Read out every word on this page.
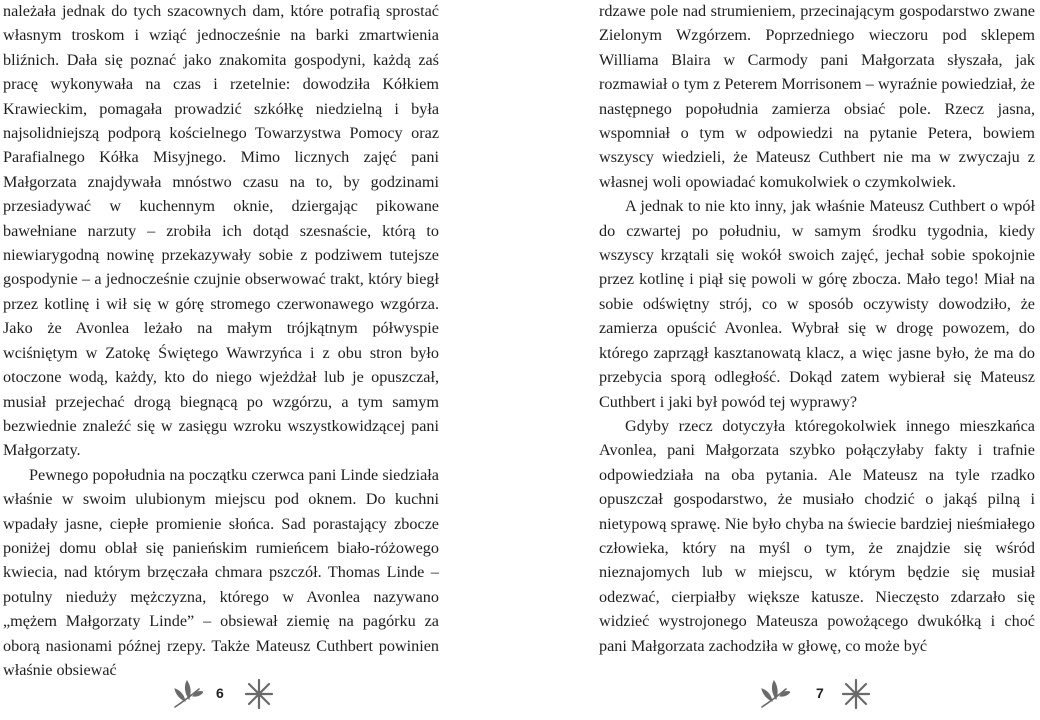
należała jednak do tych szacownych dam, które potrafią sprostać własnym troskom i wziąć jednocześnie na barki zmartwienia bliźnich. Dała się poznać jako znakomita gospodyni, każdą zaś pracę wykonywała na czas i rzetelnie: dowodziła Kółkiem Krawieckim, pomagała prowadzić szkółkę niedzielną i była najsolidniejszą podporą kościelnego Towarzystwa Pomocy oraz Parafialnego Kółka Misyjnego. Mimo licznych zajęć pani Małgorzata znajdywała mnóstwo czasu na to, by godzinami przesiadywać w kuchennym oknie, dziergając pikowane bawełniane narzuty – zrobiła ich dotąd szesnaście, którą to niewiarygodną nowinę przekazywały sobie z podziwem tutejsze gospodynie – a jednocześnie czujnie obserwować trakt, który biegł przez kotlinę i wił się w górę stromego czerwonawego wzgórza. Jako że Avonlea leżało na małym trójkątnym półwyspie wciśniętym w Zatokę Świętego Wawrzyńca i z obu stron było otoczone wodą, każdy, kto do niego wjeżdżał lub je opuszczał, musiał przejechać drogą biegnącą po wzgórzu, a tym samym bezwiednie znaleźć się w zasięgu wzroku wszystkowidzącej pani Małgorzaty.

Pewnego popołudnia na początku czerwca pani Linde siedziała właśnie w swoim ulubionym miejscu pod oknem. Do kuchni wpadały jasne, ciepłe promienie słońca. Sad porastający zbocze poniżej domu oblał się panieńskim rumieńcem biało-różowego kwiecia, nad którym brzęczała chmara pszczół. Thomas Linde – potulny nieduży mężczyzna, którego w Avonlea nazywano „mężem Małgorzaty Linde” – obsiewał ziemię na pagórku za oborą nasionami późnej rzepy. Także Mateusz Cuthbert powinien właśnie obsiewać

6

rdzawe pole nad strumieniem, przecinającym gospodarstwo zwane Zielonym Wzgórzem. Poprzedniego wieczoru pod sklepem Williama Blaira w Carmody pani Małgorzata słyszała, jak rozmawiał o tym z Peterem Morrisonem – wyraźnie powiedział, że następnego popołudnia zamierza obsiać pole. Rzecz jasna, wspomniał o tym w odpowiedzi na pytanie Petera, bowiem wszyscy wiedzieli, że Mateusz Cuthbert nie ma w zwyczaju z własnej woli opowiadać komukolwiek o czymkolwiek.

A jednak to nie kto inny, jak właśnie Mateusz Cuthbert o wpół do czwartej po południu, w samym środku tygodnia, kiedy wszyscy krzątali się wokół swoich zajęć, jechał sobie spokojnie przez kotlinę i piął się powoli w górę zbocza. Mało tego! Miał na sobie odświętny strój, co w sposób oczywisty dowodziło, że zamierza opuścić Avonlea. Wybrał się w drogę powozem, do którego zaprzągł kasztanowatą klacz, a więc jasne było, że ma do przebycia sporą odległość. Dokąd zatem wybierał się Mateusz Cuthbert i jaki był powód tej wyprawy?

Gdyby rzecz dotyczyła któregokolwiek innego mieszkańca Avonlea, pani Małgorzata szybko połączyłaby fakty i trafnie odpowiedziała na oba pytania. Ale Mateusz na tyle rzadko opuszczał gospodarstwo, że musiało chodzić o jakąś pilną i nietypową sprawę. Nie było chyba na świecie bardziej nieśmiałego człowieka, który na myśl o tym, że znajdzie się wśród nieznajomych lub w miejscu, w którym będzie się musiał odezwać, cierpiałby większe katusze. Nieczęsto zdarzało się widzieć wystrojonego Mateusza powożącego dwukółką i choć pani Małgorzata zachodziła w głowę, co może być

7
